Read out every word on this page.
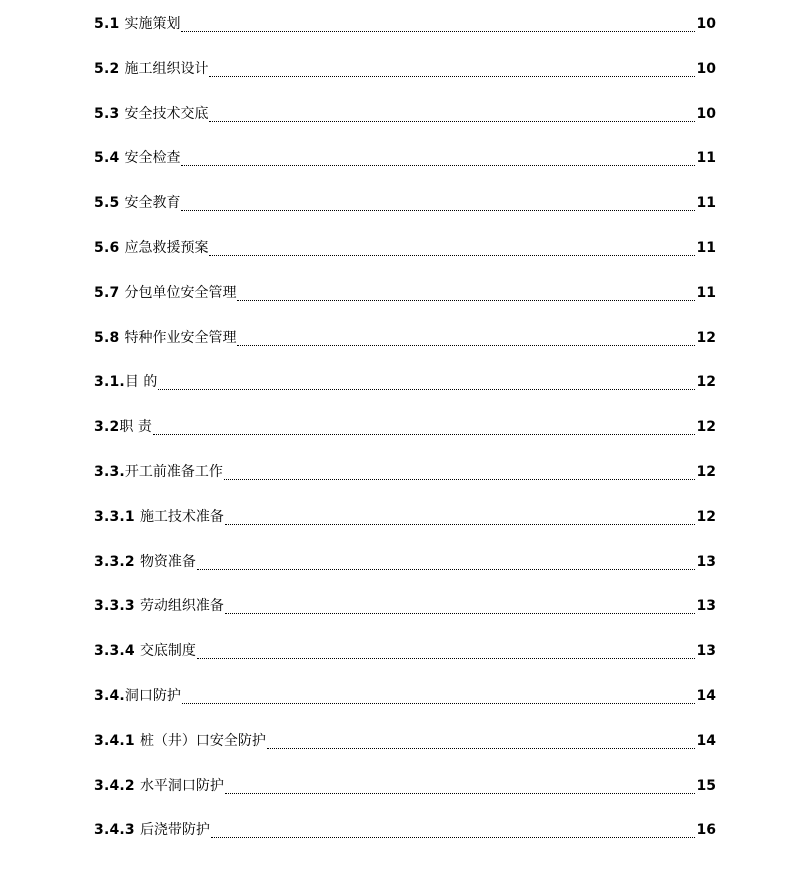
5.1 实施策划	10
5.2 施工组织设计	10
5.3 安全技术交底	10
5.4 安全检查	11
5.5 安全教育	11
5.6 应急救援预案	11
5.7 分包单位安全管理	11
5.8 特种作业安全管理	12
3.1.目 的	12
3.2职 责	12
3.3.开工前准备工作	12
3.3.1 施工技术准备	12
3.3.2 物资准备	13
3.3.3 劳动组织准备	13
3.3.4 交底制度	13
3.4.洞口防护	14
3.4.1 桩（井）口安全防护	14
3.4.2 水平洞口防护	15
3.4.3 后浇带防护	16
